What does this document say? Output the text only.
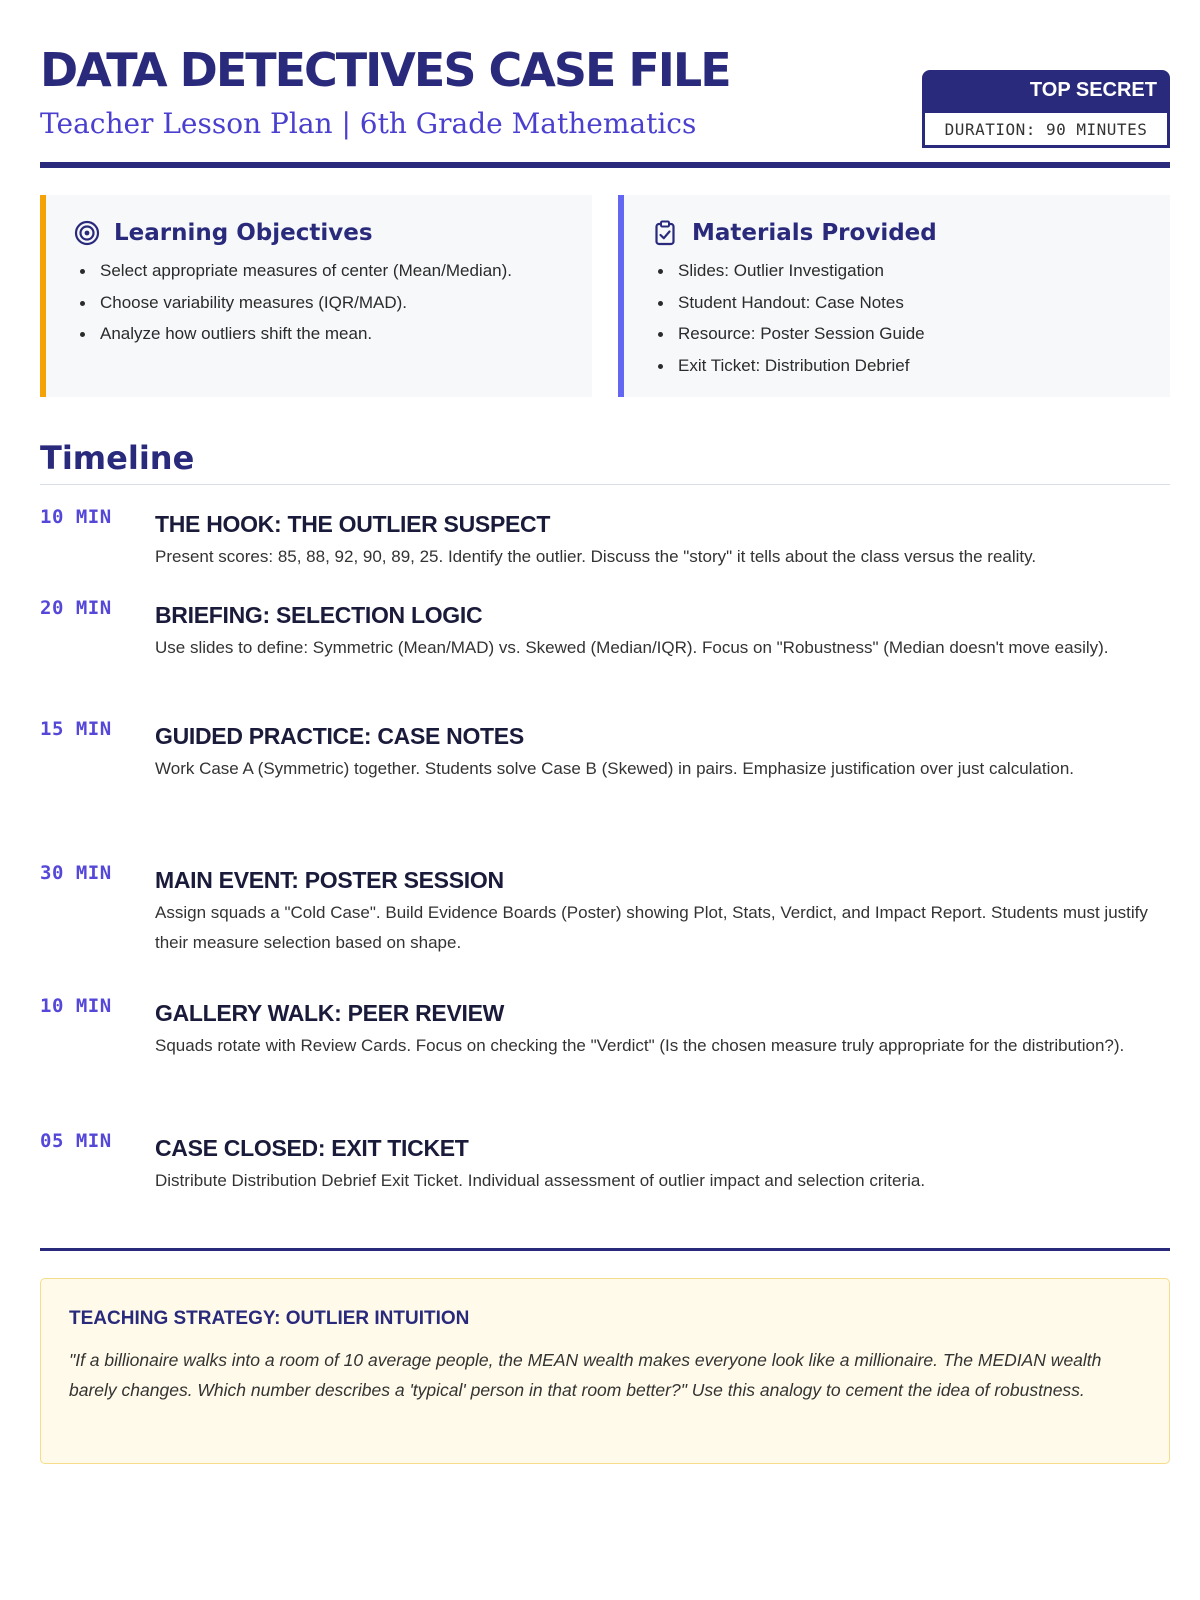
DATA DETECTIVES CASE FILE
Teacher Lesson Plan | 6th Grade Mathematics
TOP SECRET
DURATION: 90 MINUTES
Learning Objectives
Select appropriate measures of center (Mean/Median).
Choose variability measures (IQR/MAD).
Analyze how outliers shift the mean.
Materials Provided
Slides: Outlier Investigation
Student Handout: Case Notes
Resource: Poster Session Guide
Exit Ticket: Distribution Debrief
Timeline
10 MIN THE HOOK: THE OUTLIER SUSPECT
Present scores: 85, 88, 92, 90, 89, 25. Identify the outlier. Discuss the "story" it tells about the class versus the reality.
20 MIN BRIEFING: SELECTION LOGIC
Use slides to define: Symmetric (Mean/MAD) vs. Skewed (Median/IQR). Focus on "Robustness" (Median doesn't move easily).
15 MIN GUIDED PRACTICE: CASE NOTES
Work Case A (Symmetric) together. Students solve Case B (Skewed) in pairs. Emphasize justification over just calculation.
30 MIN MAIN EVENT: POSTER SESSION
Assign squads a "Cold Case". Build Evidence Boards (Poster) showing Plot, Stats, Verdict, and Impact Report. Students must justify their measure selection based on shape.
10 MIN GALLERY WALK: PEER REVIEW
Squads rotate with Review Cards. Focus on checking the "Verdict" (Is the chosen measure truly appropriate for the distribution?).
05 MIN CASE CLOSED: EXIT TICKET
Distribute Distribution Debrief Exit Ticket. Individual assessment of outlier impact and selection criteria.
TEACHING STRATEGY: OUTLIER INTUITION
"If a billionaire walks into a room of 10 average people, the MEAN wealth makes everyone look like a millionaire. The MEDIAN wealth barely changes. Which number describes a 'typical' person in that room better?" Use this analogy to cement the idea of robustness.
